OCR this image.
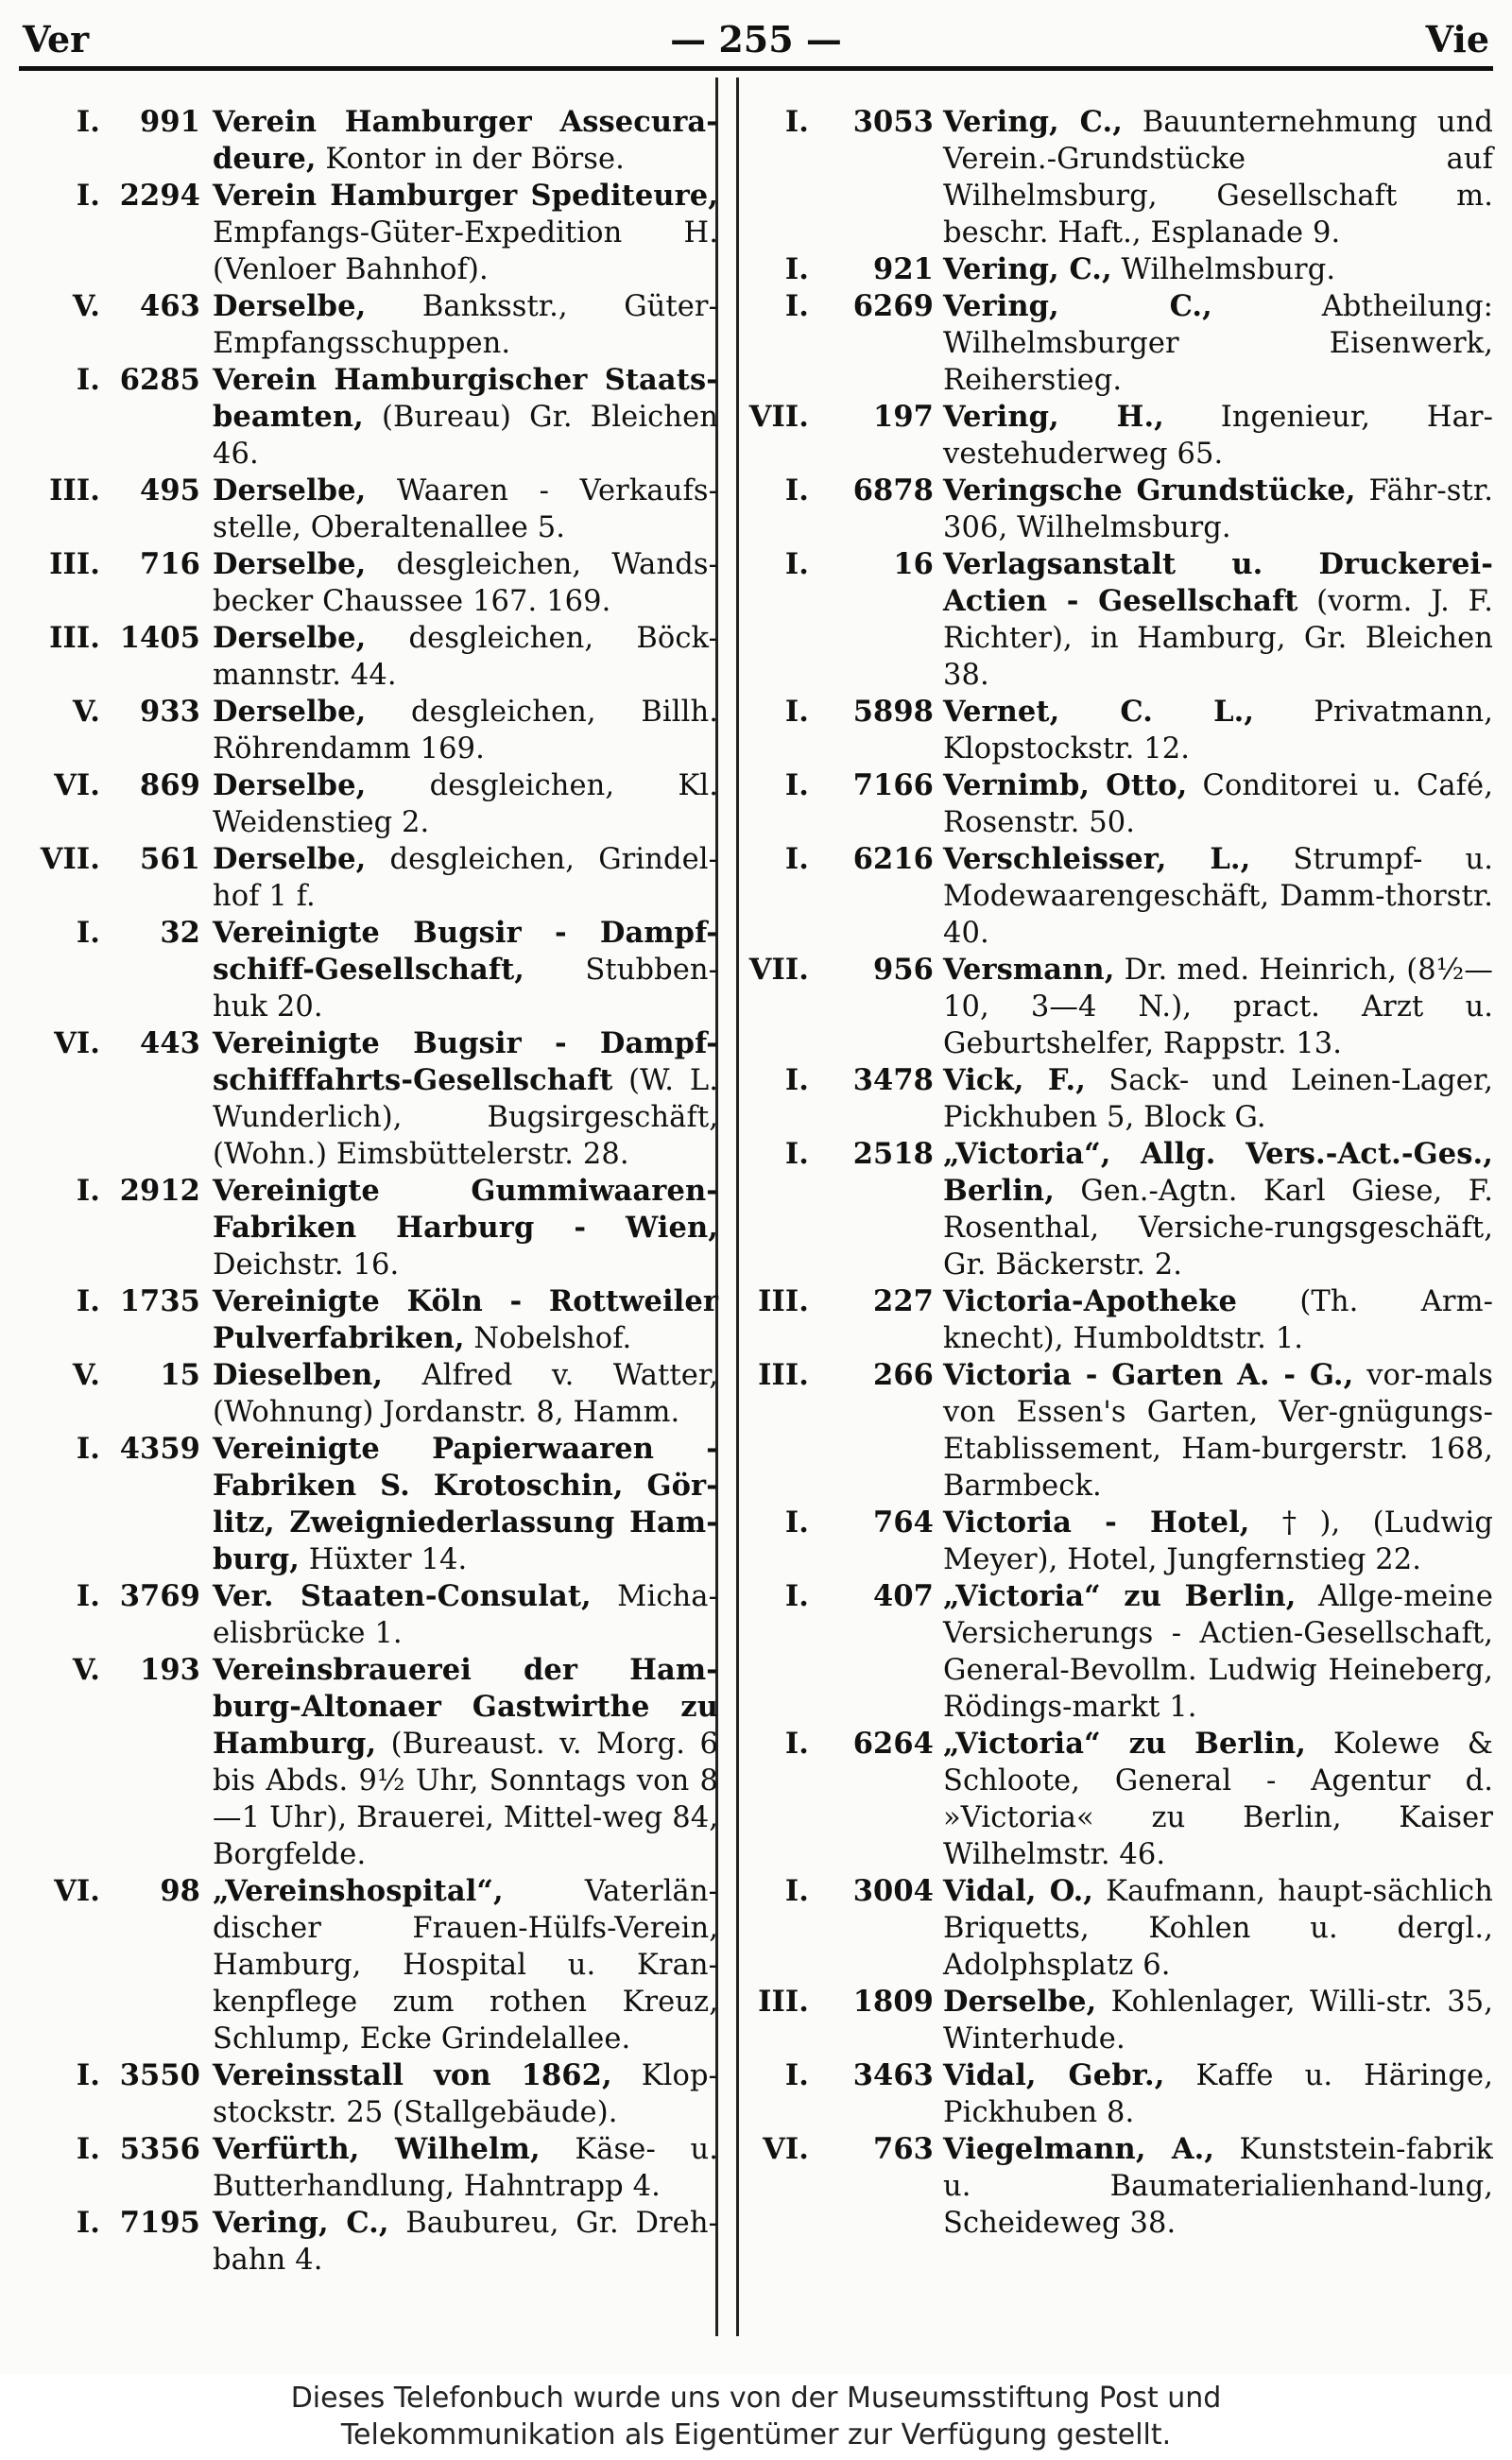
Ver	— 255 —	Vie
I. 991 Verein Hamburger Assecura-deure, Kontor in der Börse.
I. 2294 Verein Hamburger Spediteure, Empfangs-Güter-Expedition H. (Venloer Bahnhof).
V. 463 Derselbe, Banksstr., Güter-Empfangsschuppen.
I. 6285 Verein Hamburgischer Staats-beamten, (Bureau) Gr. Bleichen 46.
III. 495 Derselbe, Waaren - Verkaufs-stelle, Oberaltenallee 5.
III. 716 Derselbe, desgleichen, Wands-becker Chaussee 167. 169.
III. 1405 Derselbe, desgleichen, Böck-mannstr. 44.
V. 933 Derselbe, desgleichen, Billh. Röhrendamm 169.
VI. 869 Derselbe, desgleichen, Kl. Weidenstieg 2.
VII. 561 Derselbe, desgleichen, Grindel-hof 1 f.
I. 32 Vereinigte Bugsir - Dampf-schiff-Gesellschaft, Stubben-huk 20.
VI. 443 Vereinigte Bugsir - Dampf-schifffahrts-Gesellschaft (W. L. Wunderlich), Bugsirgeschäft, (Wohn.) Eimsbüttelerstr. 28.
I. 2912 Vereinigte Gummiwaaren-Fabriken Harburg - Wien, Deichstr. 16.
I. 1735 Vereinigte Köln - Rottweiler Pulverfabriken, Nobelshof.
V. 15 Dieselben, Alfred v. Watter, (Wohnung) Jordanstr. 8, Hamm.
I. 4359 Vereinigte Papierwaaren - Fabriken S. Krotoschin, Gör-litz, Zweigniederlassung Ham-burg, Hüxter 14.
I. 3769 Ver. Staaten-Consulat, Micha-elisbrücke 1.
V. 193 Vereinsbrauerei der Ham-burg-Altonaer Gastwirthe zu Hamburg, (Bureaust. v. Morg. 6 bis Abds. 9½ Uhr, Sonntags von 8—1 Uhr), Brauerei, Mittel-weg 84, Borgfelde.
VI. 98 „Vereinshospital“, Vaterlän-discher Frauen-Hülfs-Verein, Hamburg, Hospital u. Kran-kenpflege zum rothen Kreuz, Schlump, Ecke Grindelallee.
I. 3550 Vereinsstall von 1862, Klop-stockstr. 25 (Stallgebäude).
I. 5356 Verfürth, Wilhelm, Käse- u. Butterhandlung, Hahntrapp 4.
I. 7195 Vering, C., Baubureu, Gr. Dreh-bahn 4.
I. 3053 Vering, C., Bauunternehmung und Verein.-Grundstücke auf Wilhelmsburg, Gesellschaft m. beschr. Haft., Esplanade 9.
I. 921 Vering, C., Wilhelmsburg.
I. 6269 Vering, C., Abtheilung: Wilhelmsburger Eisenwerk, Reiherstieg.
VII. 197 Vering, H., Ingenieur, Har-vestehuderweg 65.
I. 6878 Veringsche Grundstücke, Fähr-str. 306, Wilhelmsburg.
I.	16 Verlagsanstalt u. Druckerei-Actien - Gesellschaft (vorm. J. F. Richter), in Hamburg, Gr. Bleichen 38.
I. 5898 Vernet, C. L., Privatmann, Klopstockstr. 12.
I. 7166 Vernimb, Otto, Conditorei u. Café, Rosenstr. 50.
I. 6216 Verschleisser, L., Strumpf- u. Modewaarengeschäft, Damm-thorstr. 40.
VII. 956 Versmann, Dr. med. Heinrich, (8½—10, 3—4 N.), pract. Arzt u. Geburtshelfer, Rappstr. 13.
I. 3478 Vick, F., Sack- und Leinen-Lager, Pickhuben 5, Block G.
I. 2518 „Victoria“, Allg. Vers.-Act.-Ges., Berlin, Gen.-Agtn. Karl Giese, F. Rosenthal, Versiche-rungsgeschäft, Gr. Bäckerstr. 2.
III. 227 Victoria-Apotheke (Th. Arm-knecht), Humboldtstr. 1.
III. 266 Victoria - Garten A. - G., vor-mals von Essen's Garten, Ver-gnügungs-Etablissement, Ham-burgerstr. 168, Barmbeck.
I. 764 Victoria - Hotel, †), (Ludwig Meyer), Hotel, Jungfernstieg 22.
I. 407 „Victoria“ zu Berlin, Allge-meine Versicherungs - Actien-Gesellschaft, General-Bevollm. Ludwig Heineberg, Rödings-markt 1.
I. 6264 „Victoria“ zu Berlin, Kolewe & Schloote, General - Agentur d. »Victoria« zu Berlin, Kaiser Wilhelmstr. 46.
I. 3004 Vidal, O., Kaufmann, haupt-sächlich Briquetts, Kohlen u. dergl., Adolphsplatz 6.
III. 1809 Derselbe, Kohlenlager, Willi-str. 35, Winterhude.
I. 3463 Vidal, Gebr., Kaffe u. Häringe, Pickhuben 8.
VI. 763 Viegelmann, A., Kunststein-fabrik u. Baumaterialienhand-lung, Scheideweg 38.
Dieses Telefonbuch wurde uns von der Museumsstiftung Post und
Telekommunikation als Eigentümer zur Verfügung gestellt.
